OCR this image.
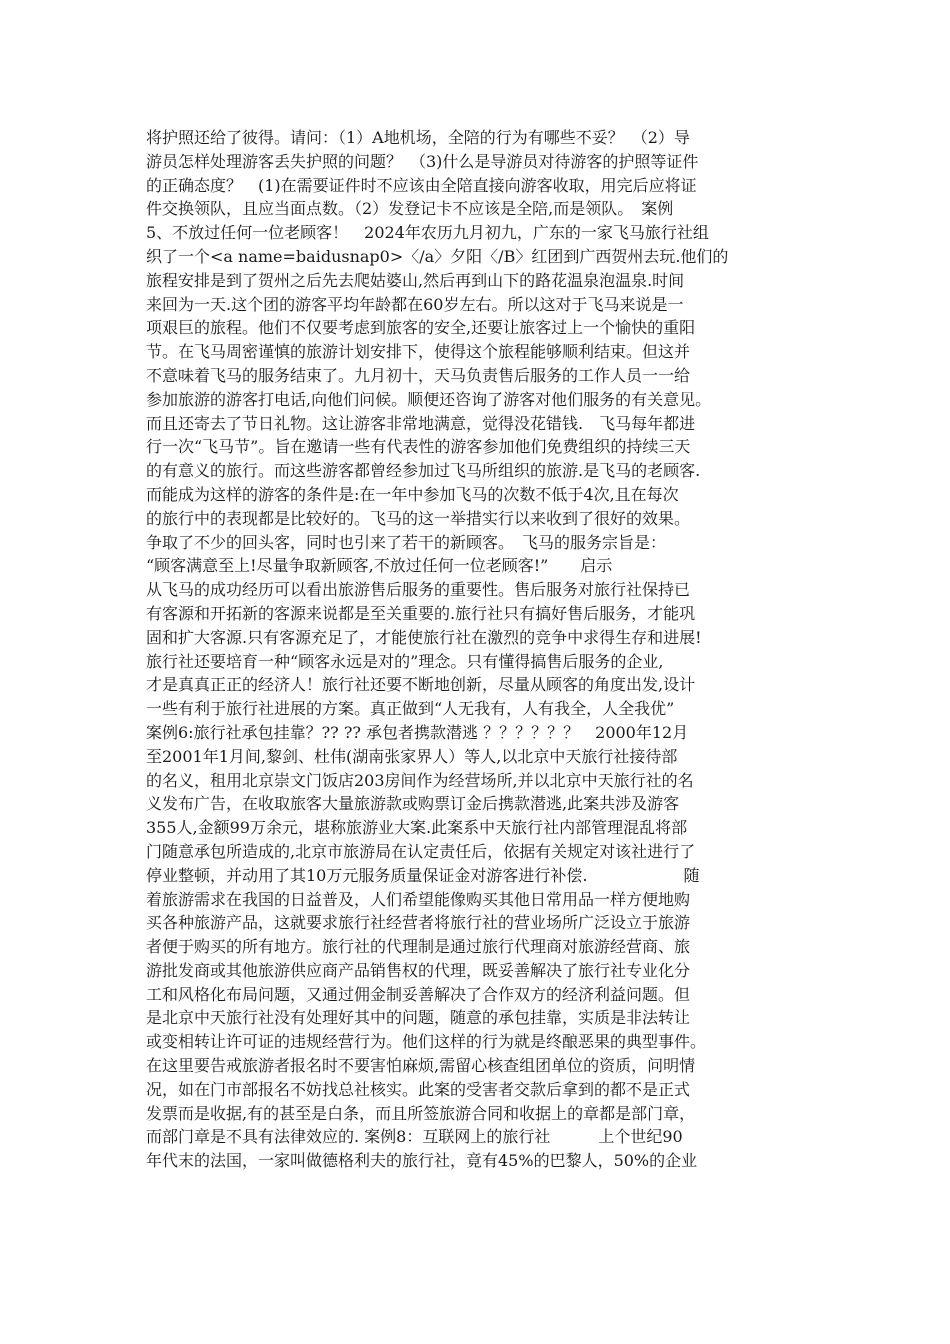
将护照还给了彼得。请问：（1）A地机场，全陪的行为有哪些不妥？　（2）导
游员怎样处理游客丢失护照的问题？　（3)什么是导游员对待游客的护照等证件
的正确态度？　(1)在需要证件时不应该由全陪直接向游客收取，用完后应将证
件交换领队，且应当面点数。（2）发登记卡不应该是全陪,而是领队。　案例
5、不放过任何一位老顾客！　2024年农历九月初九，广东的一家飞马旅行社组
织了一个<a name=baidusnap0>〈/a〉夕阳〈/B〉红团到广西贺州去玩.他们的
旅程安排是到了贺州之后先去爬姑婆山,然后再到山下的路花温泉泡温泉.时间
来回为一天.这个团的游客平均年龄都在60岁左右。所以这对于飞马来说是一
项艰巨的旅程。他们不仅要考虑到旅客的安全,还要让旅客过上一个愉快的重阳
节。在飞马周密谨慎的旅游计划安排下，使得这个旅程能够顺利结束。但这并
不意味着飞马的服务结束了。九月初十，天马负责售后服务的工作人员一一给
参加旅游的游客打电话,向他们问候。顺便还咨询了游客对他们服务的有关意见。
而且还寄去了节日礼物。这让游客非常地满意，觉得没花错钱.　飞马每年都进
行一次“飞马节”。旨在邀请一些有代表性的游客参加他们免费组织的持续三天
的有意义的旅行。而这些游客都曾经参加过飞马所组织的旅游.是飞马的老顾客.
而能成为这样的游客的条件是:在一年中参加飞马的次数不低于4次,且在每次
的旅行中的表现都是比较好的。飞马的这一举措实行以来收到了很好的效果。
争取了不少的回头客，同时也引来了若干的新顾客。　飞马的服务宗旨是：
“顾客满意至上!尽量争取新顾客,不放过任何一位老顾客!”　　启示
从飞马的成功经历可以看出旅游售后服务的重要性。售后服务对旅行社保持已
有客源和开拓新的客源来说都是至关重要的.旅行社只有搞好售后服务，才能巩
固和扩大客源.只有客源充足了，才能使旅行社在激烈的竞争中求得生存和进展!
旅行社还要培育一种“顾客永远是对的”理念。只有懂得搞售后服务的企业,
才是真真正正的经济人！旅行社还要不断地创新，尽量从顾客的角度出发,设计
一些有利于旅行社进展的方案。真正做到“人无我有，人有我全，人全我优”
案例6:旅行社承包挂靠？?? ?? 承包者携款潜逃 ？？？？？？　2000年12月
至2001年1月间,黎剑、杜伟(湖南张家界人）等人,以北京中天旅行社接待部
的名义，租用北京崇文门饭店203房间作为经营场所,并以北京中天旅行社的名
义发布广告，在收取旅客大量旅游款或购票订金后携款潜逃,此案共涉及游客
355人,金额99万余元，堪称旅游业大案.此案系中天旅行社内部管理混乱将部
门随意承包所造成的,北京市旅游局在认定责任后，依据有关规定对该社进行了
停业整顿，并动用了其10万元服务质量保证金对游客进行补偿.　　　　　　随
着旅游需求在我国的日益普及，人们希望能像购买其他日常用品一样方便地购
买各种旅游产品，这就要求旅行社经营者将旅行社的营业场所广泛设立于旅游
者便于购买的所有地方。旅行社的代理制是通过旅行代理商对旅游经营商、旅
游批发商或其他旅游供应商产品销售权的代理，既妥善解决了旅行社专业化分
工和风格化布局问题，又通过佣金制妥善解决了合作双方的经济利益问题。但
是北京中天旅行社没有处理好其中的问题，随意的承包挂靠，实质是非法转让
或变相转让许可证的违规经营行为。他们这样的行为就是终酿恶果的典型事件。
在这里要告戒旅游者报名时不要害怕麻烦,需留心核查组团单位的资质，问明情
况，如在门市部报名不妨找总社核实。此案的受害者交款后拿到的都不是正式
发票而是收据,有的甚至是白条，而且所签旅游合同和收据上的章都是部门章，
而部门章是不具有法律效应的. 案例8：互联网上的旅行社　　　上个世纪90
年代末的法国，一家叫做德格利夫的旅行社，竟有45%的巴黎人，50%的企业
